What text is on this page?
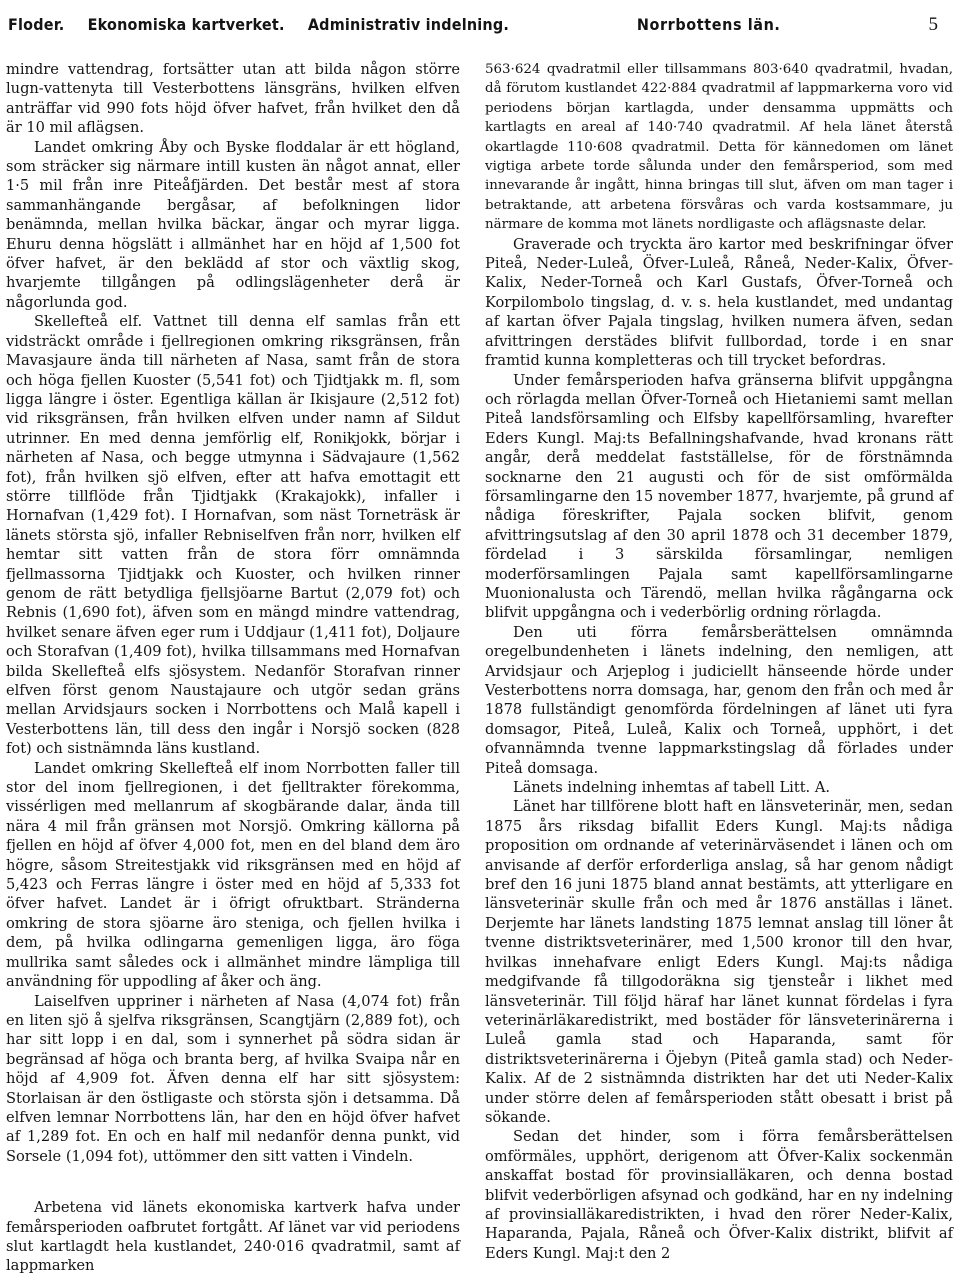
Floder. Ekonomiska kartverket. Administrativ indelning.	Norrbottens län.	5

mindre vattendrag, fortsätter utan att bilda någon större lugn-vattenyta till Vesterbottens länsgräns, hvilken elfven anträffar vid 990 fots höjd öfver hafvet, från hvilket den då är 10 mil aflägsen.

Landet omkring Åby och Byske floddalar är ett högland, som sträcker sig närmare intill kusten än något annat, eller 1·5 mil från inre Piteåfjärden. Det består mest af stora sammanhängande bergåsar, af befolkningen lidor benämnda, mellan hvilka bäckar, ängar och myrar ligga. Ehuru denna högslätt i allmänhet har en höjd af 1,500 fot öfver hafvet, är den beklädd af stor och växtlig skog, hvarjemte tillgången på odlingslägenheter derå är någorlunda god.

Skellefteå elf. Vattnet till denna elf samlas från ett vidsträckt område i fjellregionen omkring riksgränsen, från Mavasjaure ända till närheten af Nasa, samt från de stora och höga fjellen Kuoster (5,541 fot) och Tjidtjakk m. fl, som ligga längre i öster. Egentliga källan är Ikisjaure (2,512 fot) vid riksgränsen, från hvilken elfven under namn af Sildut utrinner. En med denna jemförlig elf, Ronikjokk, börjar i närheten af Nasa, och begge utmynna i Sädvajaure (1,562 fot), från hvilken sjö elfven, efter att hafva emottagit ett större tillflöde från Tjidtjakk (Krakajokk), infaller i Hornafvan (1,429 fot). I Hornafvan, som näst Torneträsk är länets största sjö, infaller Rebniselfven från norr, hvilken elf hemtar sitt vatten från de stora förr omnämnda fjellmassorna Tjidtjakk och Kuoster, och hvilken rinner genom de rätt betydliga fjellsjöarne Bartut (2,079 fot) och Rebnis (1,690 fot), äfven som en mängd mindre vattendrag, hvilket senare äfven eger rum i Uddjaur (1,411 fot), Doljaure och Storafvan (1,409 fot), hvilka tillsammans med Hornafvan bilda Skellefteå elfs sjösystem. Nedanför Storafvan rinner elfven först genom Naustajaure och utgör sedan gräns mellan Arvidsjaurs socken i Norrbottens och Malå kapell i Vesterbottens län, till dess den ingår i Norsjö socken (828 fot) och sistnämnda läns kustland.

Landet omkring Skellefteå elf inom Norrbotten faller till stor del inom fjellregionen, i det fjelltrakter förekomma, vissérligen med mellanrum af skogbärande dalar, ända till nära 4 mil från gränsen mot Norsjö. Omkring källorna på fjellen en höjd af öfver 4,000 fot, men en del bland dem äro högre, såsom Streitestjakk vid riksgränsen med en höjd af 5,423 och Ferras längre i öster med en höjd af 5,333 fot öfver hafvet. Landet är i öfrigt ofruktbart. Stränderna omkring de stora sjöarne äro steniga, och fjellen hvilka i dem, på hvilka odlingarna gemenligen ligga, äro föga mullrika samt således ock i allmänhet mindre lämpliga till användning för uppodling af åker och äng.

Laiselfven uppriner i närheten af Nasa (4,074 fot) från en liten sjö å sjelfva riksgränsen, Scangtjärn (2,889 fot), och har sitt lopp i en dal, som i synnerhet på södra sidan är begränsad af höga och branta berg, af hvilka Svaipa når en höjd af 4,909 fot. Äfven denna elf har sitt sjösystem: Storlaisan är den östligaste och största sjön i detsamma. Då elfven lemnar Norrbottens län, har den en höjd öfver hafvet af 1,289 fot. En och en half mil nedanför denna punkt, vid Sorsele (1,094 fot), uttömmer den sitt vatten i Vindeln.

Arbetena vid länets ekonomiska kartverk hafva under femårsperioden oafbrutet fortgått. Af länet var vid periodens slut kartlagdt hela kustlandet, 240·016 qvadratmil, samt af lappmarken

563·624 qvadratmil eller tillsammans 803·640 qvadratmil, hvadan, då förutom kustlandet 422·884 qvadratmil af lappmarkerna voro vid periodens början kartlagda, under densamma uppmätts och kartlagts en areal af 140·740 qvadratmil. Af hela länet återstå okartlagde 110·608 qvadratmil. Detta för kännedomen om länet vigtiga arbete torde sålunda under den femårsperiod, som med innevarande år ingått, hinna bringas till slut, äfven om man tager i betraktande, att arbetena försvåras och varda kostsammare, ju närmare de komma mot länets nordligaste och aflägsnaste delar.

Graverade och tryckta äro kartor med beskrifningar öfver Piteå, Neder-Luleå, Öfver-Luleå, Råneå, Neder-Kalix, Öfver-Kalix, Neder-Torneå och Karl Gustafs, Öfver-Torneå och Korpilombolo tingslag, d. v. s. hela kustlandet, med undantag af kartan öfver Pajala tingslag, hvilken numera äfven, sedan afvittringen derstädes blifvit fullbordad, torde i en snar framtid kunna kompletteras och till trycket befordras.

Under femårsperioden hafva gränserna blifvit uppgångna och rörlagda mellan Öfver-Torneå och Hietaniemi samt mellan Piteå landsförsamling och Elfsby kapellförsamling, hvarefter Eders Kungl. Maj:ts Befallningshafvande, hvad kronans rätt angår, derå meddelat fastställelse, för de förstnämnda socknarne den 21 augusti och för de sist omförmälda församlingarne den 15 november 1877, hvarjemte, på grund af nådiga föreskrifter, Pajala socken blifvit, genom afvittringsutslag af den 30 april 1878 och 31 december 1879, fördelad i 3 särskilda församlingar, nemligen moderförsamlingen Pajala samt kapellförsamlingarne Muonionalusta och Tärendö, mellan hvilka rågångarna ock blifvit uppgångna och i vederbörlig ordning rörlagda.

Den uti förra femårsberättelsen omnämnda oregelbundenheten i länets indelning, den nemligen, att Arvidsjaur och Arjeplog i judiciellt hänseende hörde under Vesterbottens norra domsaga, har, genom den från och med år 1878 fullständigt genomförda fördelningen af länet uti fyra domsagor, Piteå, Luleå, Kalix och Torneå, upphört, i det ofvannämnda tvenne lappmarkstingslag då förlades under Piteå domsaga.

Länets indelning inhemtas af tabell Litt. A.

Länet har tillförene blott haft en länsveterinär, men, sedan 1875 års riksdag bifallit Eders Kungl. Maj:ts nådiga proposition om ordnande af veterinärväsendet i länen och om anvisande af derför erforderliga anslag, så har genom nådigt bref den 16 juni 1875 bland annat bestämts, att ytterligare en länsveterinär skulle från och med år 1876 anställas i länet. Derjemte har länets landsting 1875 lemnat anslag till löner åt tvenne distriktsveterinärer, med 1,500 kronor till den hvar, hvilkas innehafvare enligt Eders Kungl. Maj:ts nådiga medgifvande få tillgodoräkna sig tjensteår i likhet med länsveterinär. Till följd häraf har länet kunnat fördelas i fyra veterinärläkaredistrikt, med bostäder för länsveterinärerna i Luleå gamla stad och Haparanda, samt för distriktsveterinärerna i Öjebyn (Piteå gamla stad) och Neder-Kalix. Af de 2 sistnämnda distrikten har det uti Neder-Kalix under större delen af femårsperioden stått obesatt i brist på sökande.

Sedan det hinder, som i förra femårsberättelsen omförmäles, upphört, derigenom att Öfver-Kalix sockenmän anskaffat bostad för provinsialläkaren, och denna bostad blifvit vederbörligen afsynad och godkänd, har en ny indelning af provinsialläkaredistrikten, i hvad den rörer Neder-Kalix, Haparanda, Pajala, Råneå och Öfver-Kalix distrikt, blifvit af Eders Kungl. Maj:t den 2
